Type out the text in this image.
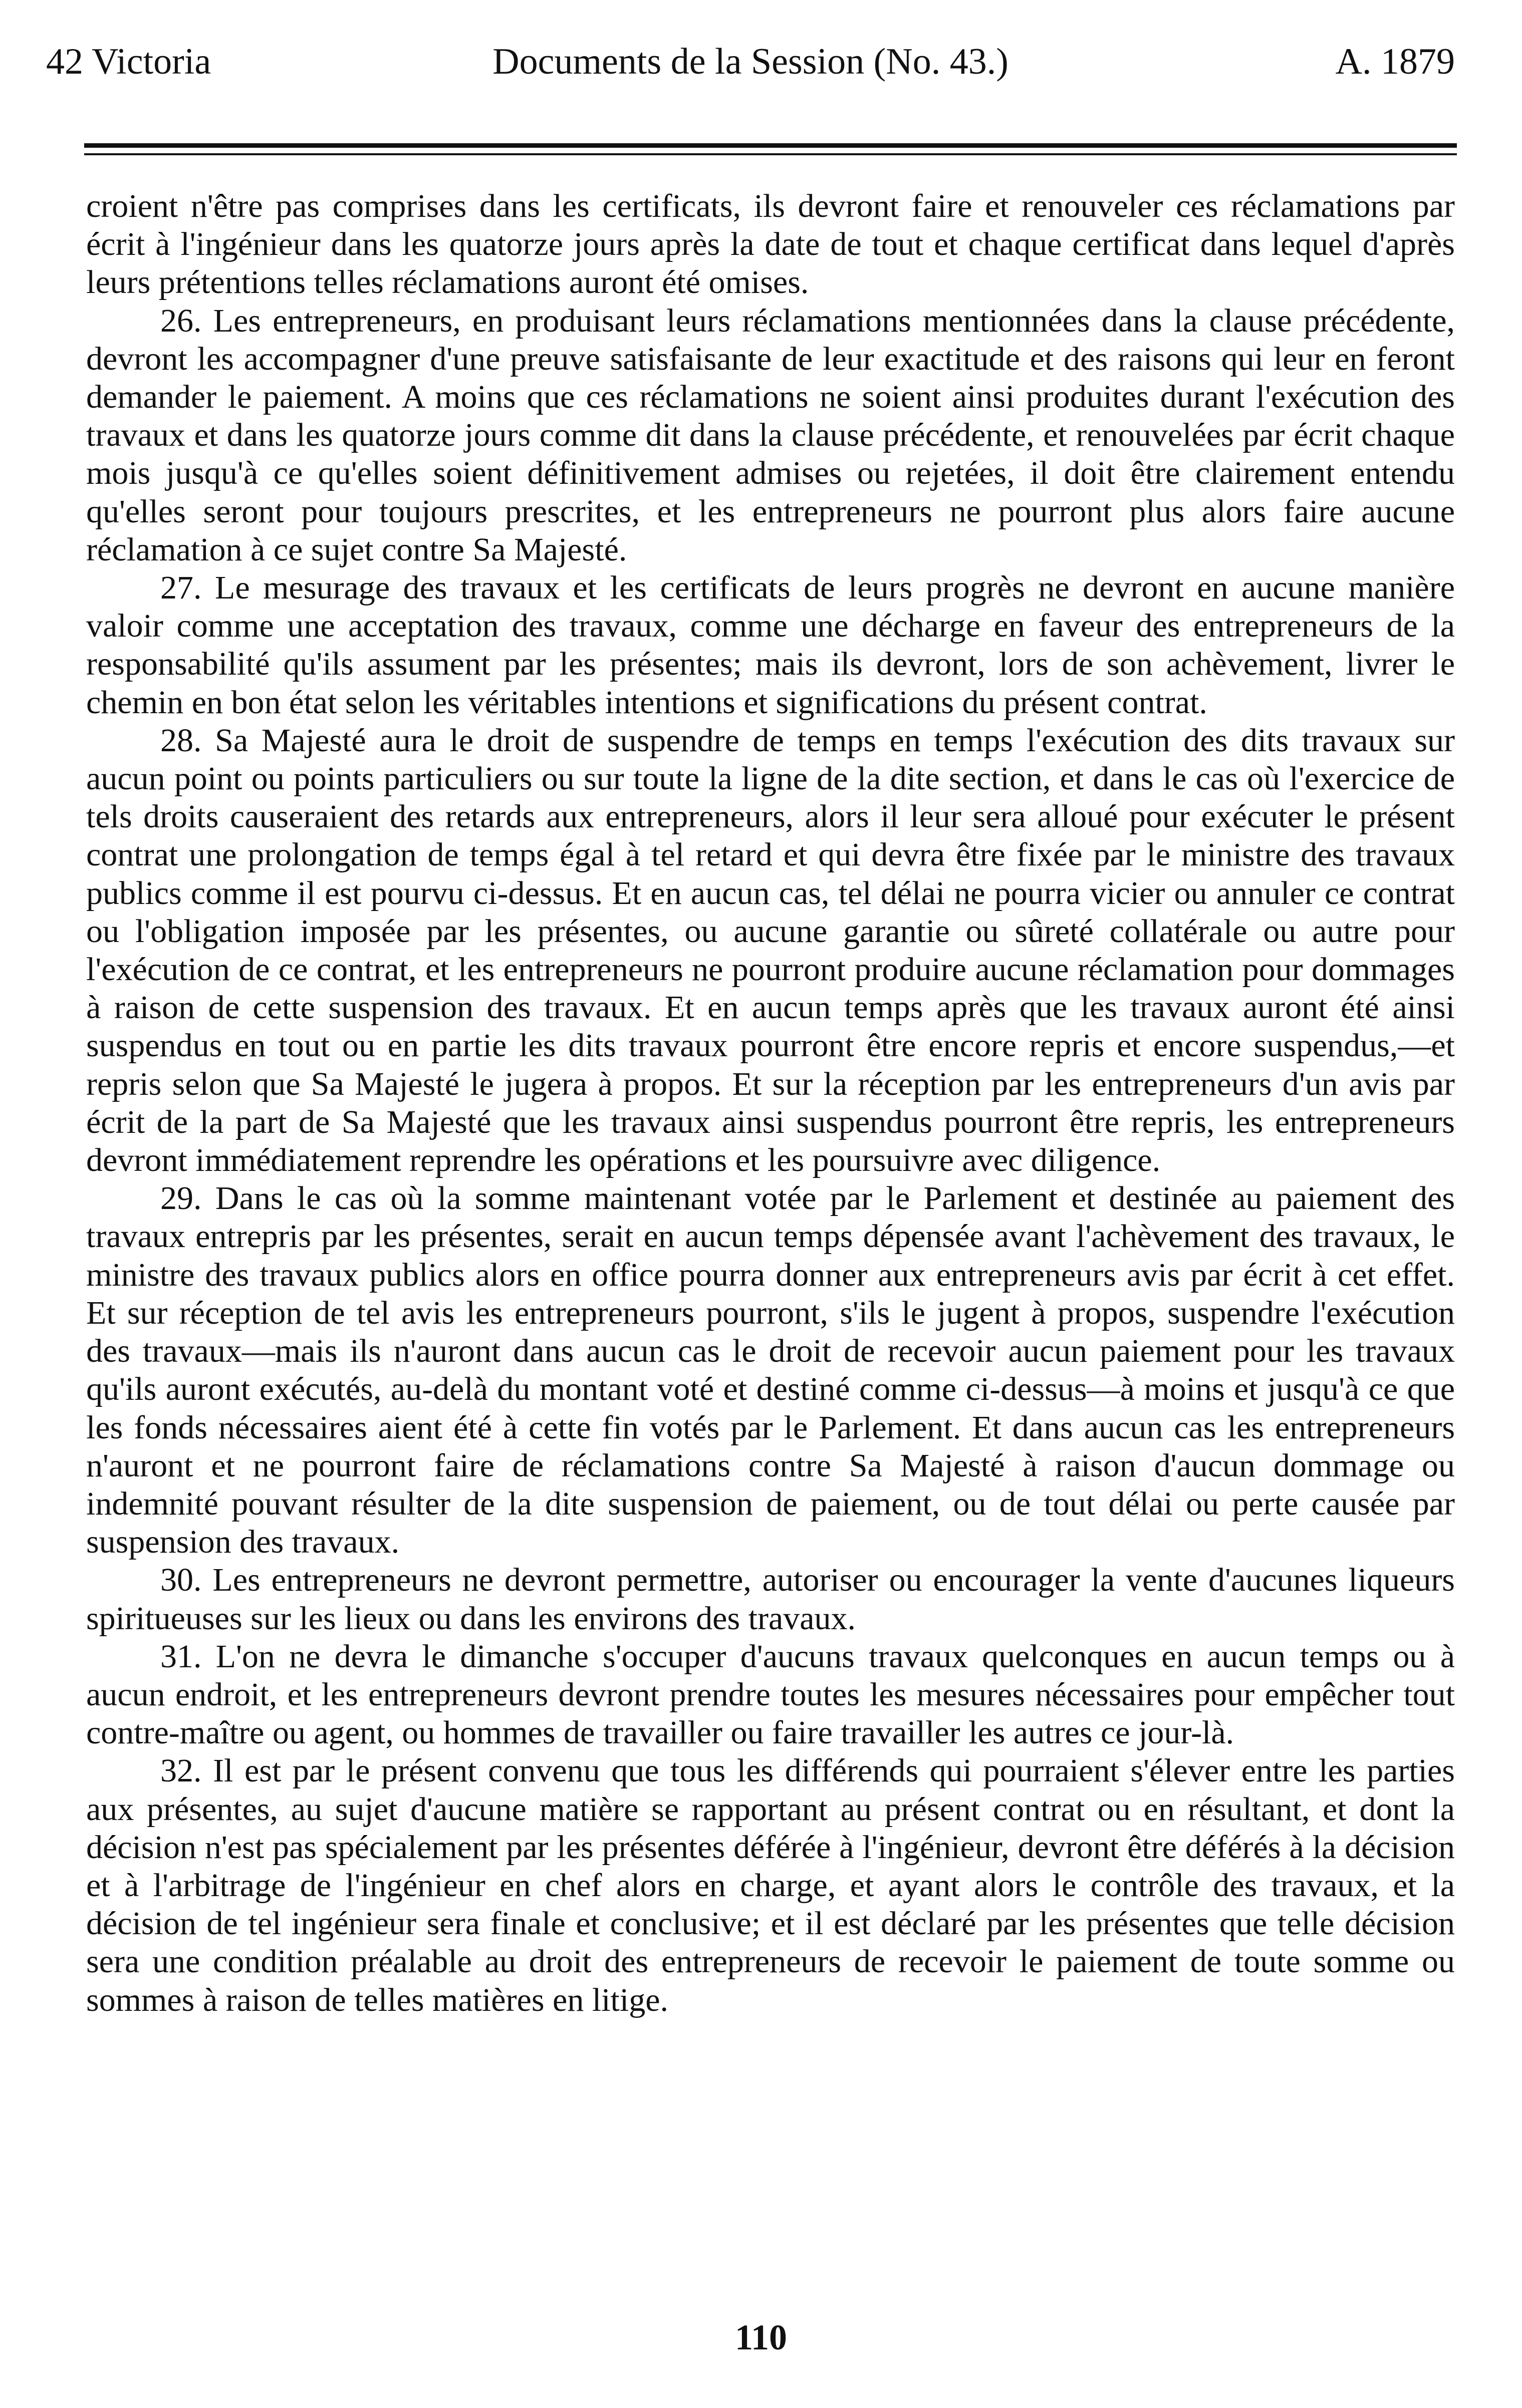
42 Victoria	Documents de la Session (No. 43.)	A. 1879

croient n'être pas comprises dans les certificats, ils devront faire et renouveler ces réclamations par écrit à l'ingénieur dans les quatorze jours après la date de tout et chaque certificat dans lequel d'après leurs prétentions telles réclamations auront été omises.

26. Les entrepreneurs, en produisant leurs réclamations mentionnées dans la clause précédente, devront les accompagner d'une preuve satisfaisante de leur exactitude et des raisons qui leur en feront demander le paiement. A moins que ces réclamations ne soient ainsi produites durant l'exécution des travaux et dans les quatorze jours comme dit dans la clause précédente, et renouvelées par écrit chaque mois jusqu'à ce qu'elles soient définitivement admises ou rejetées, il doit être clairement entendu qu'elles seront pour toujours prescrites, et les entrepreneurs ne pourront plus alors faire aucune réclamation à ce sujet contre Sa Majesté.

27. Le mesurage des travaux et les certificats de leurs progrès ne devront en aucune manière valoir comme une acceptation des travaux, comme une décharge en faveur des entrepreneurs de la responsabilité qu'ils assument par les présentes; mais ils devront, lors de son achèvement, livrer le chemin en bon état selon les véritables intentions et significations du présent contrat.

28. Sa Majesté aura le droit de suspendre de temps en temps l'exécution des dits travaux sur aucun point ou points particuliers ou sur toute la ligne de la dite section, et dans le cas où l'exercice de tels droits causeraient des retards aux entrepreneurs, alors il leur sera alloué pour exécuter le présent contrat une prolongation de temps égal à tel retard et qui devra être fixée par le ministre des travaux publics comme il est pourvu ci-dessus. Et en aucun cas, tel délai ne pourra vicier ou annuler ce contrat ou l'obligation imposée par les présentes, ou aucune garantie ou sûreté collatérale ou autre pour l'exécution de ce contrat, et les entrepreneurs ne pourront produire aucune réclamation pour dommages à raison de cette suspension des travaux. Et en aucun temps après que les travaux auront été ainsi suspendus en tout ou en partie les dits travaux pourront être encore repris et encore suspendus,—et repris selon que Sa Majesté le jugera à propos. Et sur la réception par les entrepreneurs d'un avis par écrit de la part de Sa Majesté que les travaux ainsi suspendus pourront être repris, les entrepreneurs devront immédiatement reprendre les opérations et les poursuivre avec diligence.

29. Dans le cas où la somme maintenant votée par le Parlement et destinée au paiement des travaux entrepris par les présentes, serait en aucun temps dépensée avant l'achèvement des travaux, le ministre des travaux publics alors en office pourra donner aux entrepreneurs avis par écrit à cet effet. Et sur réception de tel avis les entrepreneurs pourront, s'ils le jugent à propos, suspendre l'exécution des travaux—mais ils n'auront dans aucun cas le droit de recevoir aucun paiement pour les travaux qu'ils auront exécutés, au-delà du montant voté et destiné comme ci-dessus—à moins et jusqu'à ce que les fonds nécessaires aient été à cette fin votés par le Parlement. Et dans aucun cas les entrepreneurs n'auront et ne pourront faire de réclamations contre Sa Majesté à raison d'aucun dommage ou indemnité pouvant résulter de la dite suspension de paiement, ou de tout délai ou perte causée par suspension des travaux.

30. Les entrepreneurs ne devront permettre, autoriser ou encourager la vente d'aucunes liqueurs spiritueuses sur les lieux ou dans les environs des travaux.

31. L'on ne devra le dimanche s'occuper d'aucuns travaux quelconques en aucun temps ou à aucun endroit, et les entrepreneurs devront prendre toutes les mesures nécessaires pour empêcher tout contre-maître ou agent, ou hommes de travailler ou faire travailler les autres ce jour-là.

32. Il est par le présent convenu que tous les différends qui pourraient s'élever entre les parties aux présentes, au sujet d'aucune matière se rapportant au présent contrat ou en résultant, et dont la décision n'est pas spécialement par les présentes déférée à l'ingénieur, devront être déférés à la décision et à l'arbitrage de l'ingénieur en chef alors en charge, et ayant alors le contrôle des travaux, et la décision de tel ingénieur sera finale et conclusive; et il est déclaré par les présentes que telle décision sera une condition préalable au droit des entrepreneurs de recevoir le paiement de toute somme ou sommes à raison de telles matières en litige.

110
